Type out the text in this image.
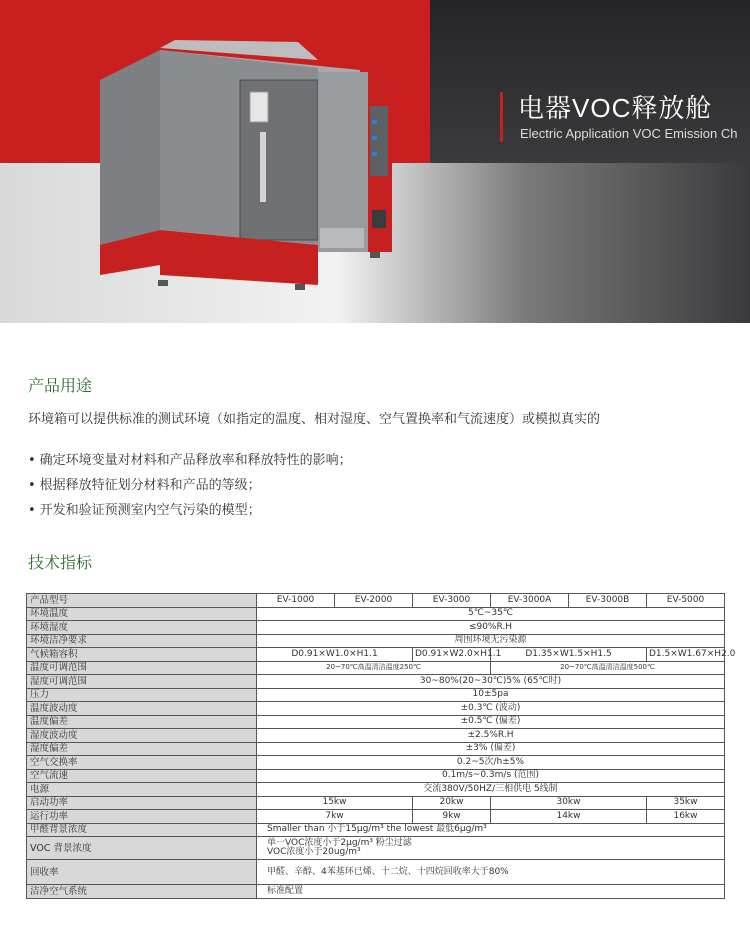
电器VOC释放舱
Electric Application VOC Emission Ch
产品用途
环境箱可以提供标准的测试环境（如指定的温度、相对湿度、空气置换率和气流速度）或模拟真实的
• 确定环境变量对材料和产品释放率和释放特性的影响；
• 根据释放特征划分材料和产品的等级；
• 开发和验证预测室内空气污染的模型；
技术指标
产品型号	EV-1000	EV-2000	EV-3000	EV-3000A	EV-3000B	EV-5000
环境温度	5℃~35℃					
环境湿度	≤90%R.H					
环境洁净要求	周围环境无污染源					
气候箱容积	D0.91×W1.0×H1.1		D0.91×W2.0×H1.1	D1.35×W1.5×H1.5		D1.5×W1.67×H2.0
温度可调范围	20~70℃高温清洁温度250℃			20~70℃高温清洁温度500℃		
湿度可调范围	30~80%(20~30℃)5% (65℃时)					
压力	10±5pa					
温度波动度	±0.3℃ (波动)					
温度偏差	±0.5℃ (偏差)					
湿度波动度	±2.5%R.H					
湿度偏差	±3% (偏差)					
空气交换率	0.2~5次/h±5%					
空气流速	0.1m/s~0.3m/s (范围)					
电源	交流380V/50HZ/三相供电 5线制					
启动功率	15kw		20kw	30kw		35kw
运行功率	7kw		9kw	14kw		16kw
甲醛背景浓度	Smaller than 小于15μg/m³ the lowest 最低6μg/m³					
VOC 背景浓度	单一VOC浓度小于2μg/m³ 粉尘过滤
VOC浓度小于20ug/m³					

回收率	甲醛、辛醇、4苯基环已烯、十二烷、十四烷回收率大于80%					
洁净空气系统	标准配置					
